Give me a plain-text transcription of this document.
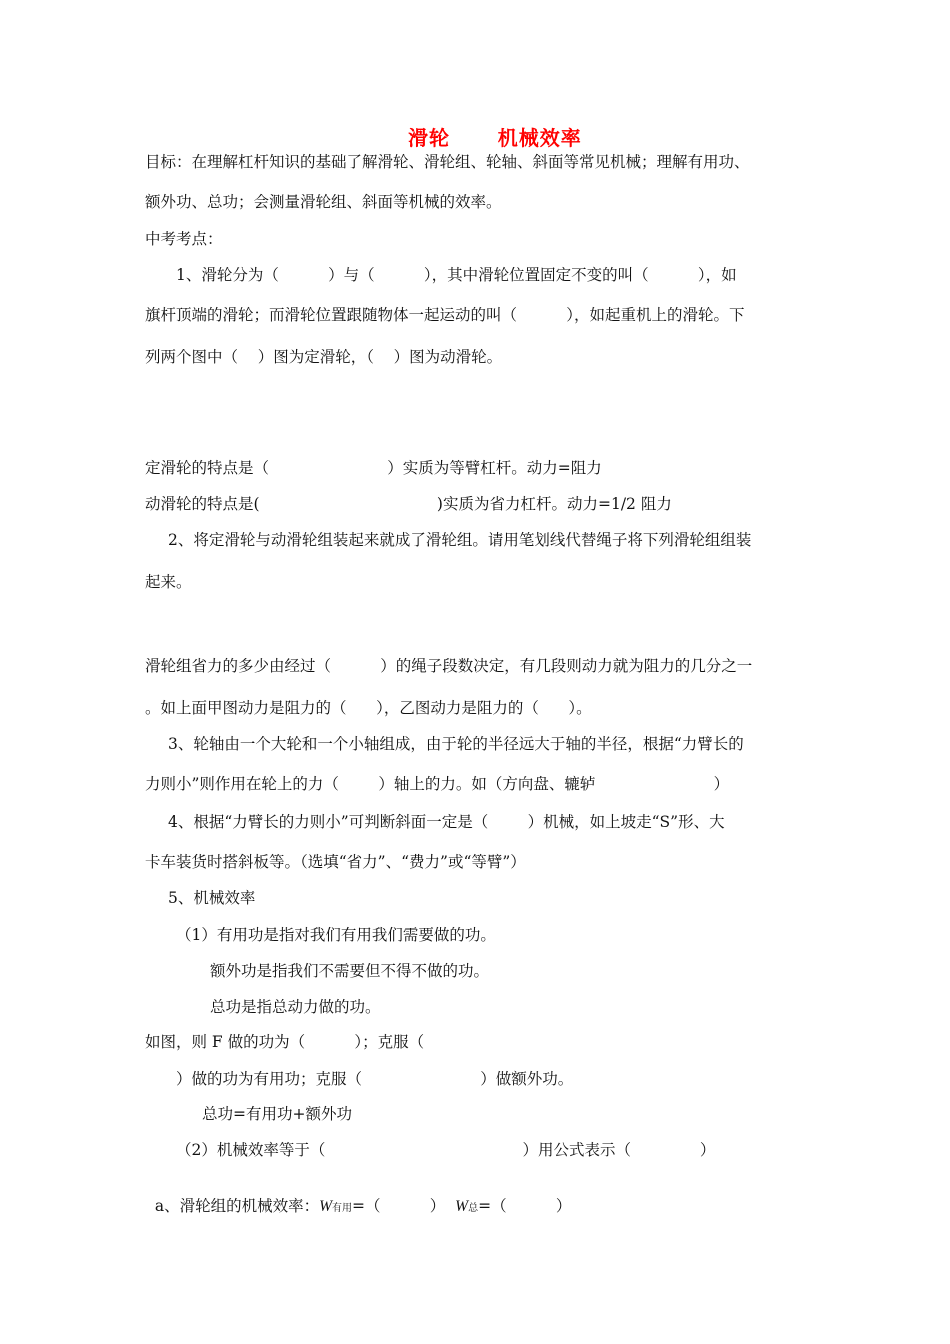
滑轮      机械效率
目标：在理解杠杆知识的基础了解滑轮、滑轮组、轮轴、斜面等常见机械；理解有用功、
额外功、总功；会测量滑轮组、斜面等机械的效率。
中考考点：
1、滑轮分为（          ）与（          ），其中滑轮位置固定不变的叫（          ），如
旗杆顶端的滑轮；而滑轮位置跟随物体一起运动的叫（          ），如起重机上的滑轮。下
列两个图中（    ）图为定滑轮，（    ）图为动滑轮。
定滑轮的特点是（                        ）实质为等臂杠杆。动力=阻力
动滑轮的特点是(                                    )实质为省力杠杆。动力=1/2 阻力
2、将定滑轮与动滑轮组装起来就成了滑轮组。请用笔划线代替绳子将下列滑轮组组装
起来。
滑轮组省力的多少由经过（          ）的绳子段数决定，有几段则动力就为阻力的几分之一
。如上面甲图动力是阻力的（      ），乙图动力是阻力的（      ）。
3、轮轴由一个大轮和一个小轴组成，由于轮的半径远大于轴的半径，根据“力臂长的
力则小”则作用在轮上的力（        ）轴上的力。如（方向盘、辘轳                        ）
4、根据“力臂长的力则小”可判断斜面一定是（        ）机械，如上坡走“S”形、大
卡车装货时搭斜板等。（选填“省力”、“费力”或“等臂”）
5、机械效率
（1）有用功是指对我们有用我们需要做的功。
额外功是指我们不需要但不得不做的功。
总功是指总动力做的功。
如图，则 F 做的功为（          ）；克服（
）做的功为有用功；克服（                        ）做额外功。
总功=有用功+额外功
（2）机械效率等于（                                        ）用公式表示（              ）

a、滑轮组的机械效率：W有用=（          ） W总=（          ）
